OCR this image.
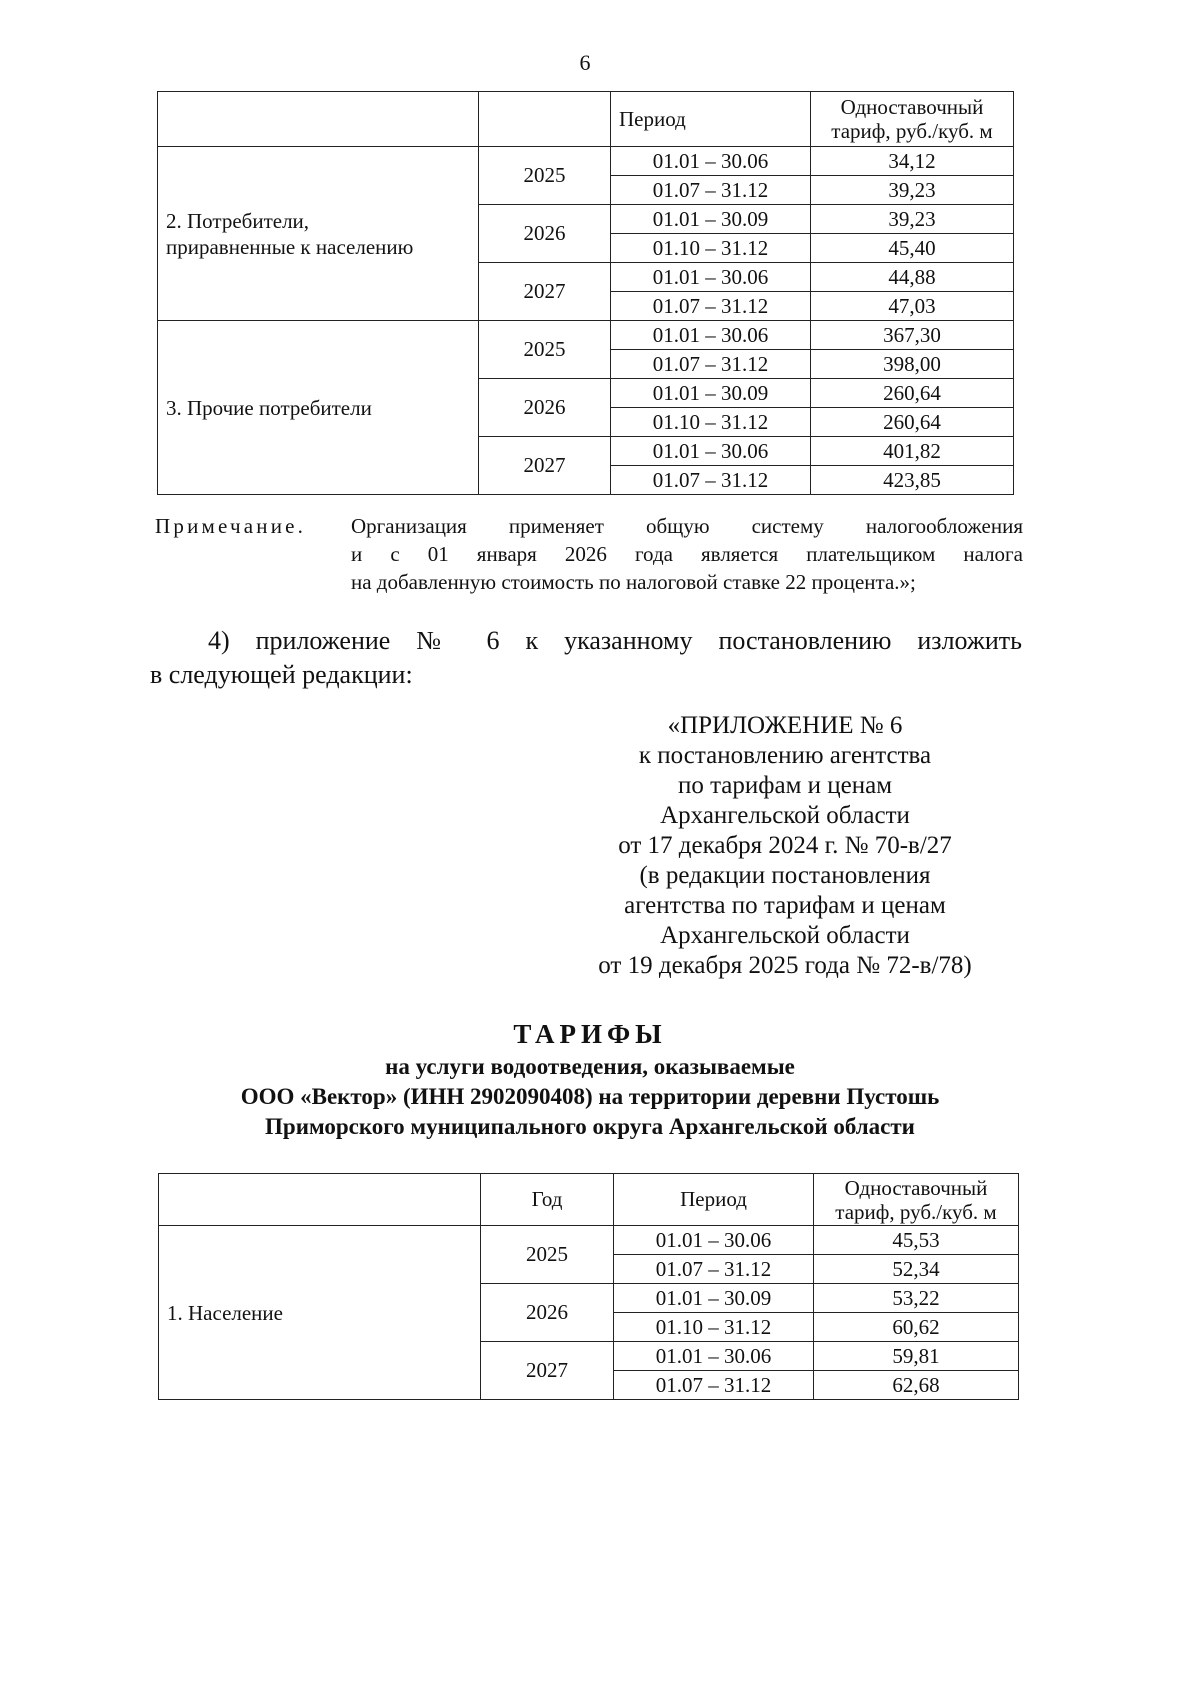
6
		Период	Одноставочный
тариф, руб./куб. м
2. Потребители,
приравненные к населению	2025	01.01 – 30.06	34,12
		01.07 – 31.12	39,23
	2026	01.01 – 30.09	39,23
		01.10 – 31.12	45,40
	2027	01.01 – 30.06	44,88
		01.07 – 31.12	47,03
3. Прочие потребители	2025	01.01 – 30.06	367,30
		01.07 – 31.12	398,00
	2026	01.01 – 30.09	260,64
		01.10 – 31.12	260,64
	2027	01.01 – 30.06	401,82
		01.07 – 31.12	423,85
Примечание. Организация применяет общую систему налогообложения
и с 01 января 2026 года является плательщиком налога
на добавленную стоимость по налоговой ставке 22 процента.»;
4) приложение № 6 к указанному постановлению изложить
в следующей редакции:
«ПРИЛОЖЕНИЕ № 6
к постановлению агентства
по тарифам и ценам
Архангельской области
от 17 декабря 2024 г. № 70-в/27
(в редакции постановления
агентства по тарифам и ценам
Архангельской области
от 19 декабря 2025 года № 72-в/78)
ТАРИФЫ
на услуги водоотведения, оказываемые
ООО «Вектор» (ИНН 2902090408) на территории деревни Пустошь
Приморского муниципального округа Архангельской области
	Год	Период	Одноставочный
тариф, руб./куб. м
1. Население	2025	01.01 – 30.06	45,53
		01.07 – 31.12	52,34
	2026	01.01 – 30.09	53,22
		01.10 – 31.12	60,62
	2027	01.01 – 30.06	59,81
		01.07 – 31.12	62,68
